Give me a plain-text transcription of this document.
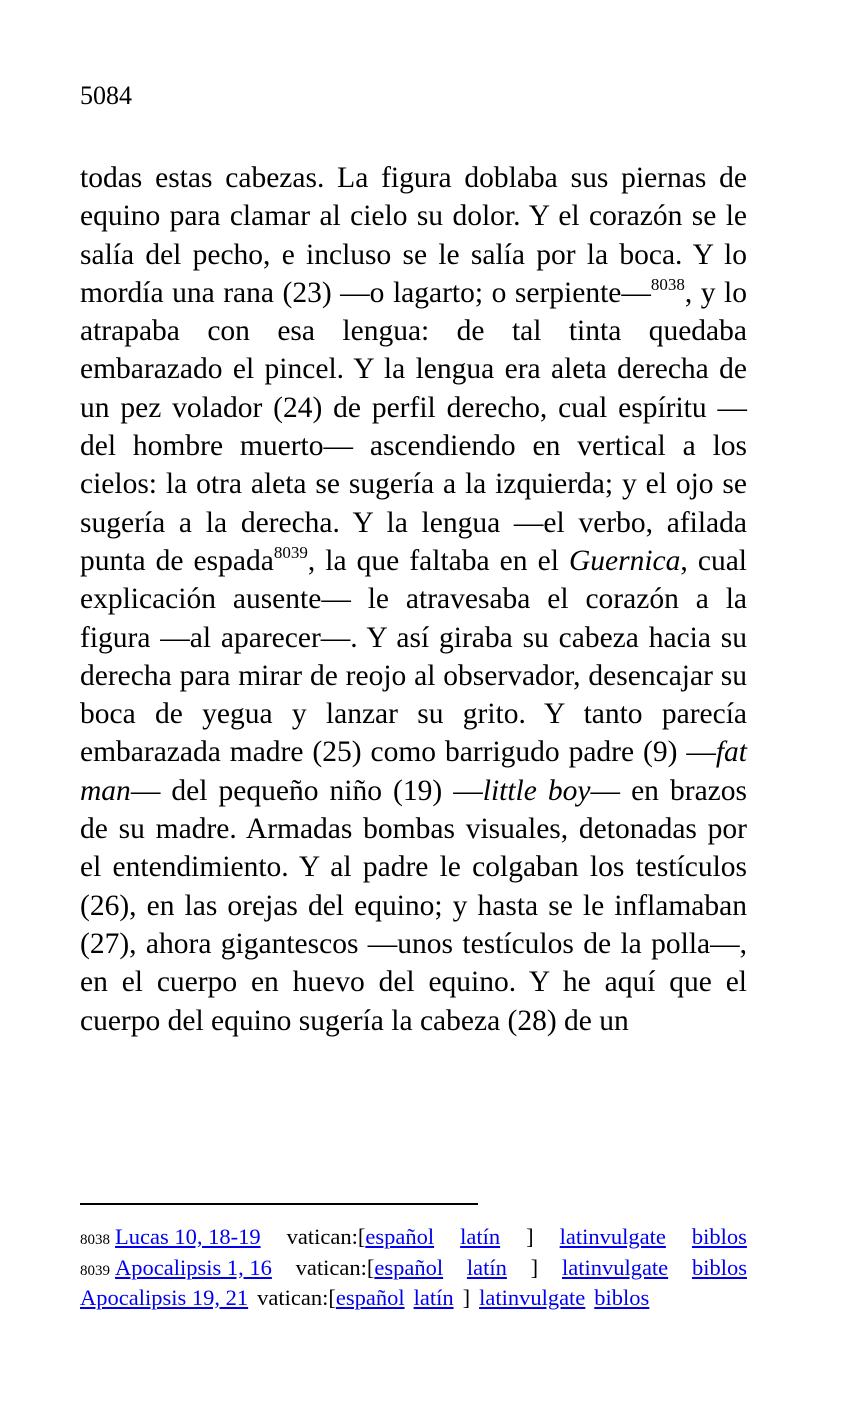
5084

todas estas cabezas. La figura doblaba sus piernas de equino para clamar al cielo su dolor. Y el corazón se le salía del pecho, e incluso se le salía por la boca. Y lo mordía una rana (23) —o lagarto; o serpiente—$^{8038}$, y lo atrapaba con esa lengua: de tal tinta quedaba embarazado el pincel. Y la lengua era aleta derecha de un pez volador (24) de perfil derecho, cual espíritu —del hombre muerto— ascendiendo en vertical a los cielos: la otra aleta se sugería a la izquierda; y el ojo se sugería a la derecha. Y la lengua —el verbo, afilada punta de espada$^{8039}$, la que faltaba en el Guernica, cual explicación ausente— le atravesaba el corazón a la figura —al aparecer—. Y así giraba su cabeza hacia su derecha para mirar de reojo al observador, desencajar su boca de yegua y lanzar su grito. Y tanto parecía embarazada madre (25) como barrigudo padre (9) —fat man— del pequeño niño (19) —little boy— en brazos de su madre. Armadas bombas visuales, detonadas por el entendimiento. Y al padre le colgaban los testículos (26), en las orejas del equino; y hasta se le inflamaban (27), ahora gigantescos —unos testículos de la polla—, en el cuerpo en huevo del equino. Y he aquí que el cuerpo del equino sugería la cabeza (28) de un

8038 Lucas 10, 18-19 vatican:[ español latín ] latinvulgate biblos
8039 Apocalipsis 1, 16 vatican:[ español latín ] latinvulgate biblos
Apocalipsis 19, 21 vatican:[ español latín ] latinvulgate biblos
